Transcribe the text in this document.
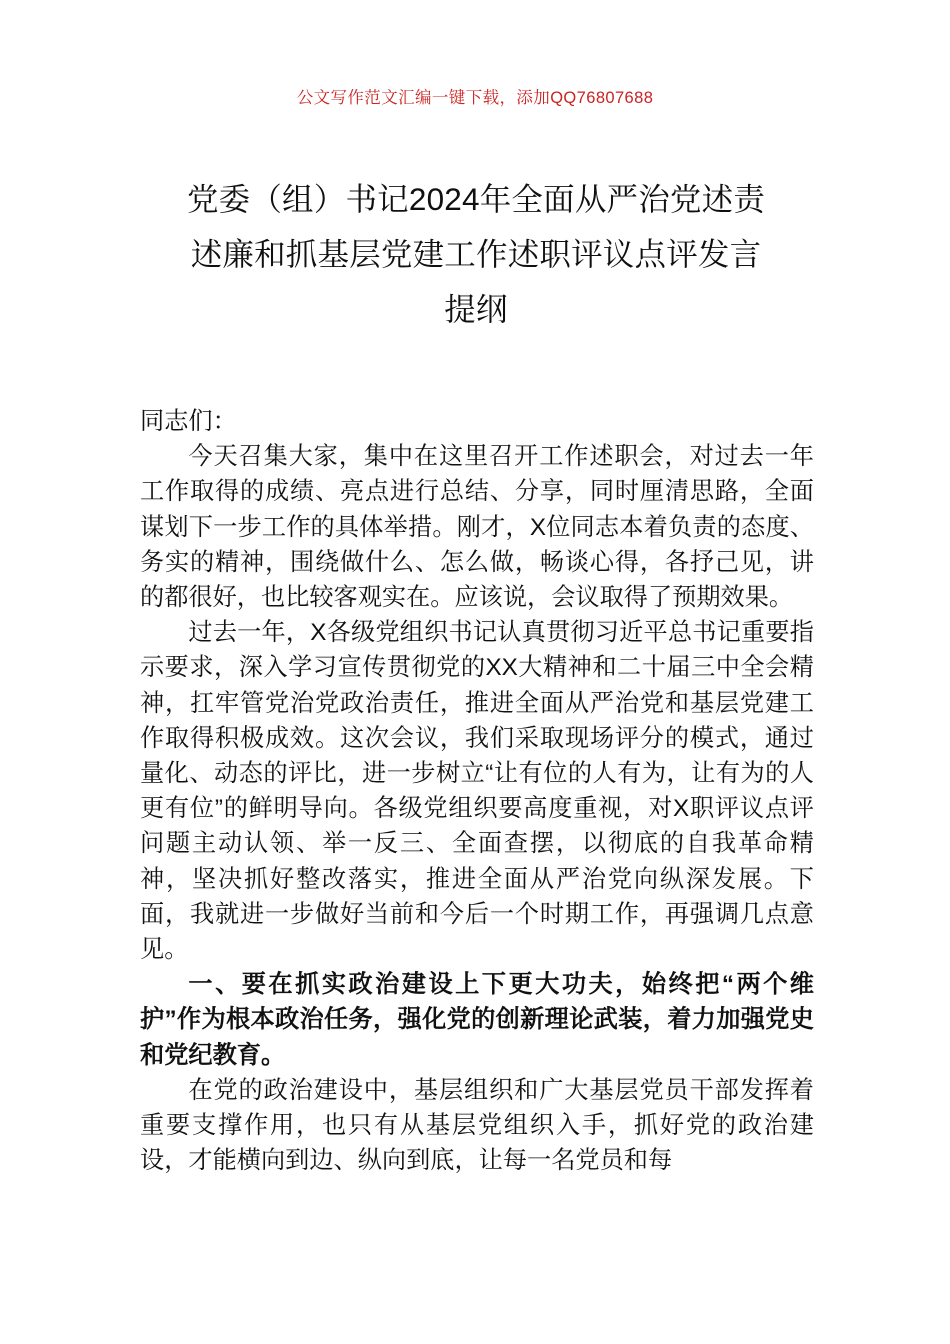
公文写作范文汇编一键下载，添加QQ76807688
党委（组）书记2024年全面从严治党述责
述廉和抓基层党建工作述职评议点评发言
提纲

同志们：

今天召集大家，集中在这里召开工作述职会，对过去一年工作取得的成绩、亮点进行总结、分享，同时厘清思路，全面谋划下一步工作的具体举措。刚才，X位同志本着负责的态度、务实的精神，围绕做什么、怎么做，畅谈心得，各抒己见，讲的都很好，也比较客观实在。应该说，会议取得了预期效果。

过去一年，X各级党组织书记认真贯彻习近平总书记重要指示要求，深入学习宣传贯彻党的XX大精神和二十届三中全会精神，扛牢管党治党政治责任，推进全面从严治党和基层党建工作取得积极成效。这次会议，我们采取现场评分的模式，通过量化、动态的评比，进一步树立“让有位的人有为，让有为的人更有位”的鲜明导向。各级党组织要高度重视，对X职评议点评问题主动认领、举一反三、全面查摆，以彻底的自我革命精神，坚决抓好整改落实，推进全面从严治党向纵深发展。下面，我就进一步做好当前和今后一个时期工作，再强调几点意见。

一、要在抓实政治建设上下更大功夫，始终把“两个维护”作为根本政治任务，强化党的创新理论武装，着力加强党史和党纪教育。

在党的政治建设中，基层组织和广大基层党员干部发挥着重要支撑作用，也只有从基层党组织入手，抓好党的政治建设，才能横向到边、纵向到底，让每一名党员和每
